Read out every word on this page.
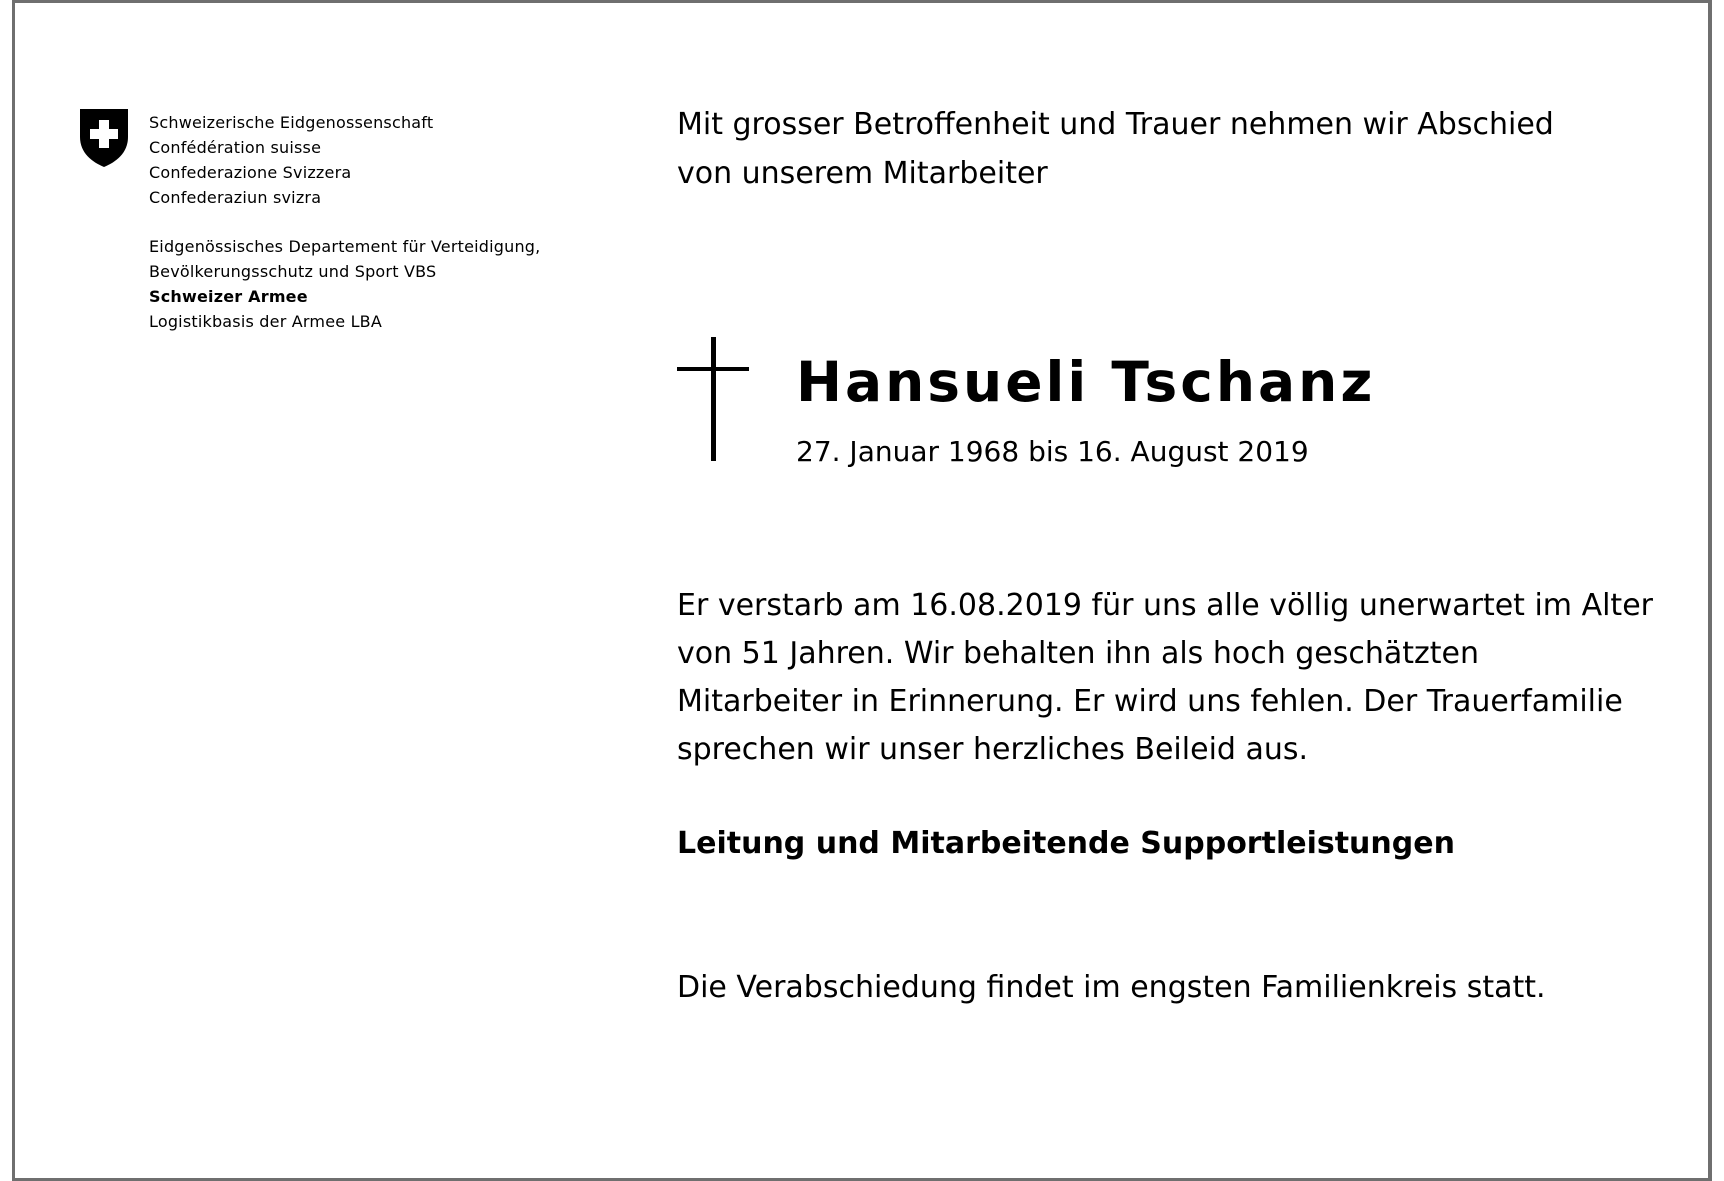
Schweizerische Eidgenossenschaft
Confédération suisse
Confederazione Svizzera
Confederaziun svizra
Eidgenössisches Departement für Verteidigung,
Bevölkerungsschutz und Sport VBS
Schweizer Armee
Logistikbasis der Armee LBA
Mit grosser Betroffenheit und Trauer nehmen wir Abschied
von unserem Mitarbeiter
Hansueli Tschanz
27. Januar 1968 bis 16. August 2019
Er verstarb am 16.08.2019 für uns alle völlig unerwartet im Alter
von 51 Jahren. Wir behalten ihn als hoch geschätzten
Mitarbeiter in Erinnerung. Er wird uns fehlen. Der Trauerfamilie
sprechen wir unser herzliches Beileid aus.
Leitung und Mitarbeitende Supportleistungen
Die Verabschiedung findet im engsten Familienkreis statt.
